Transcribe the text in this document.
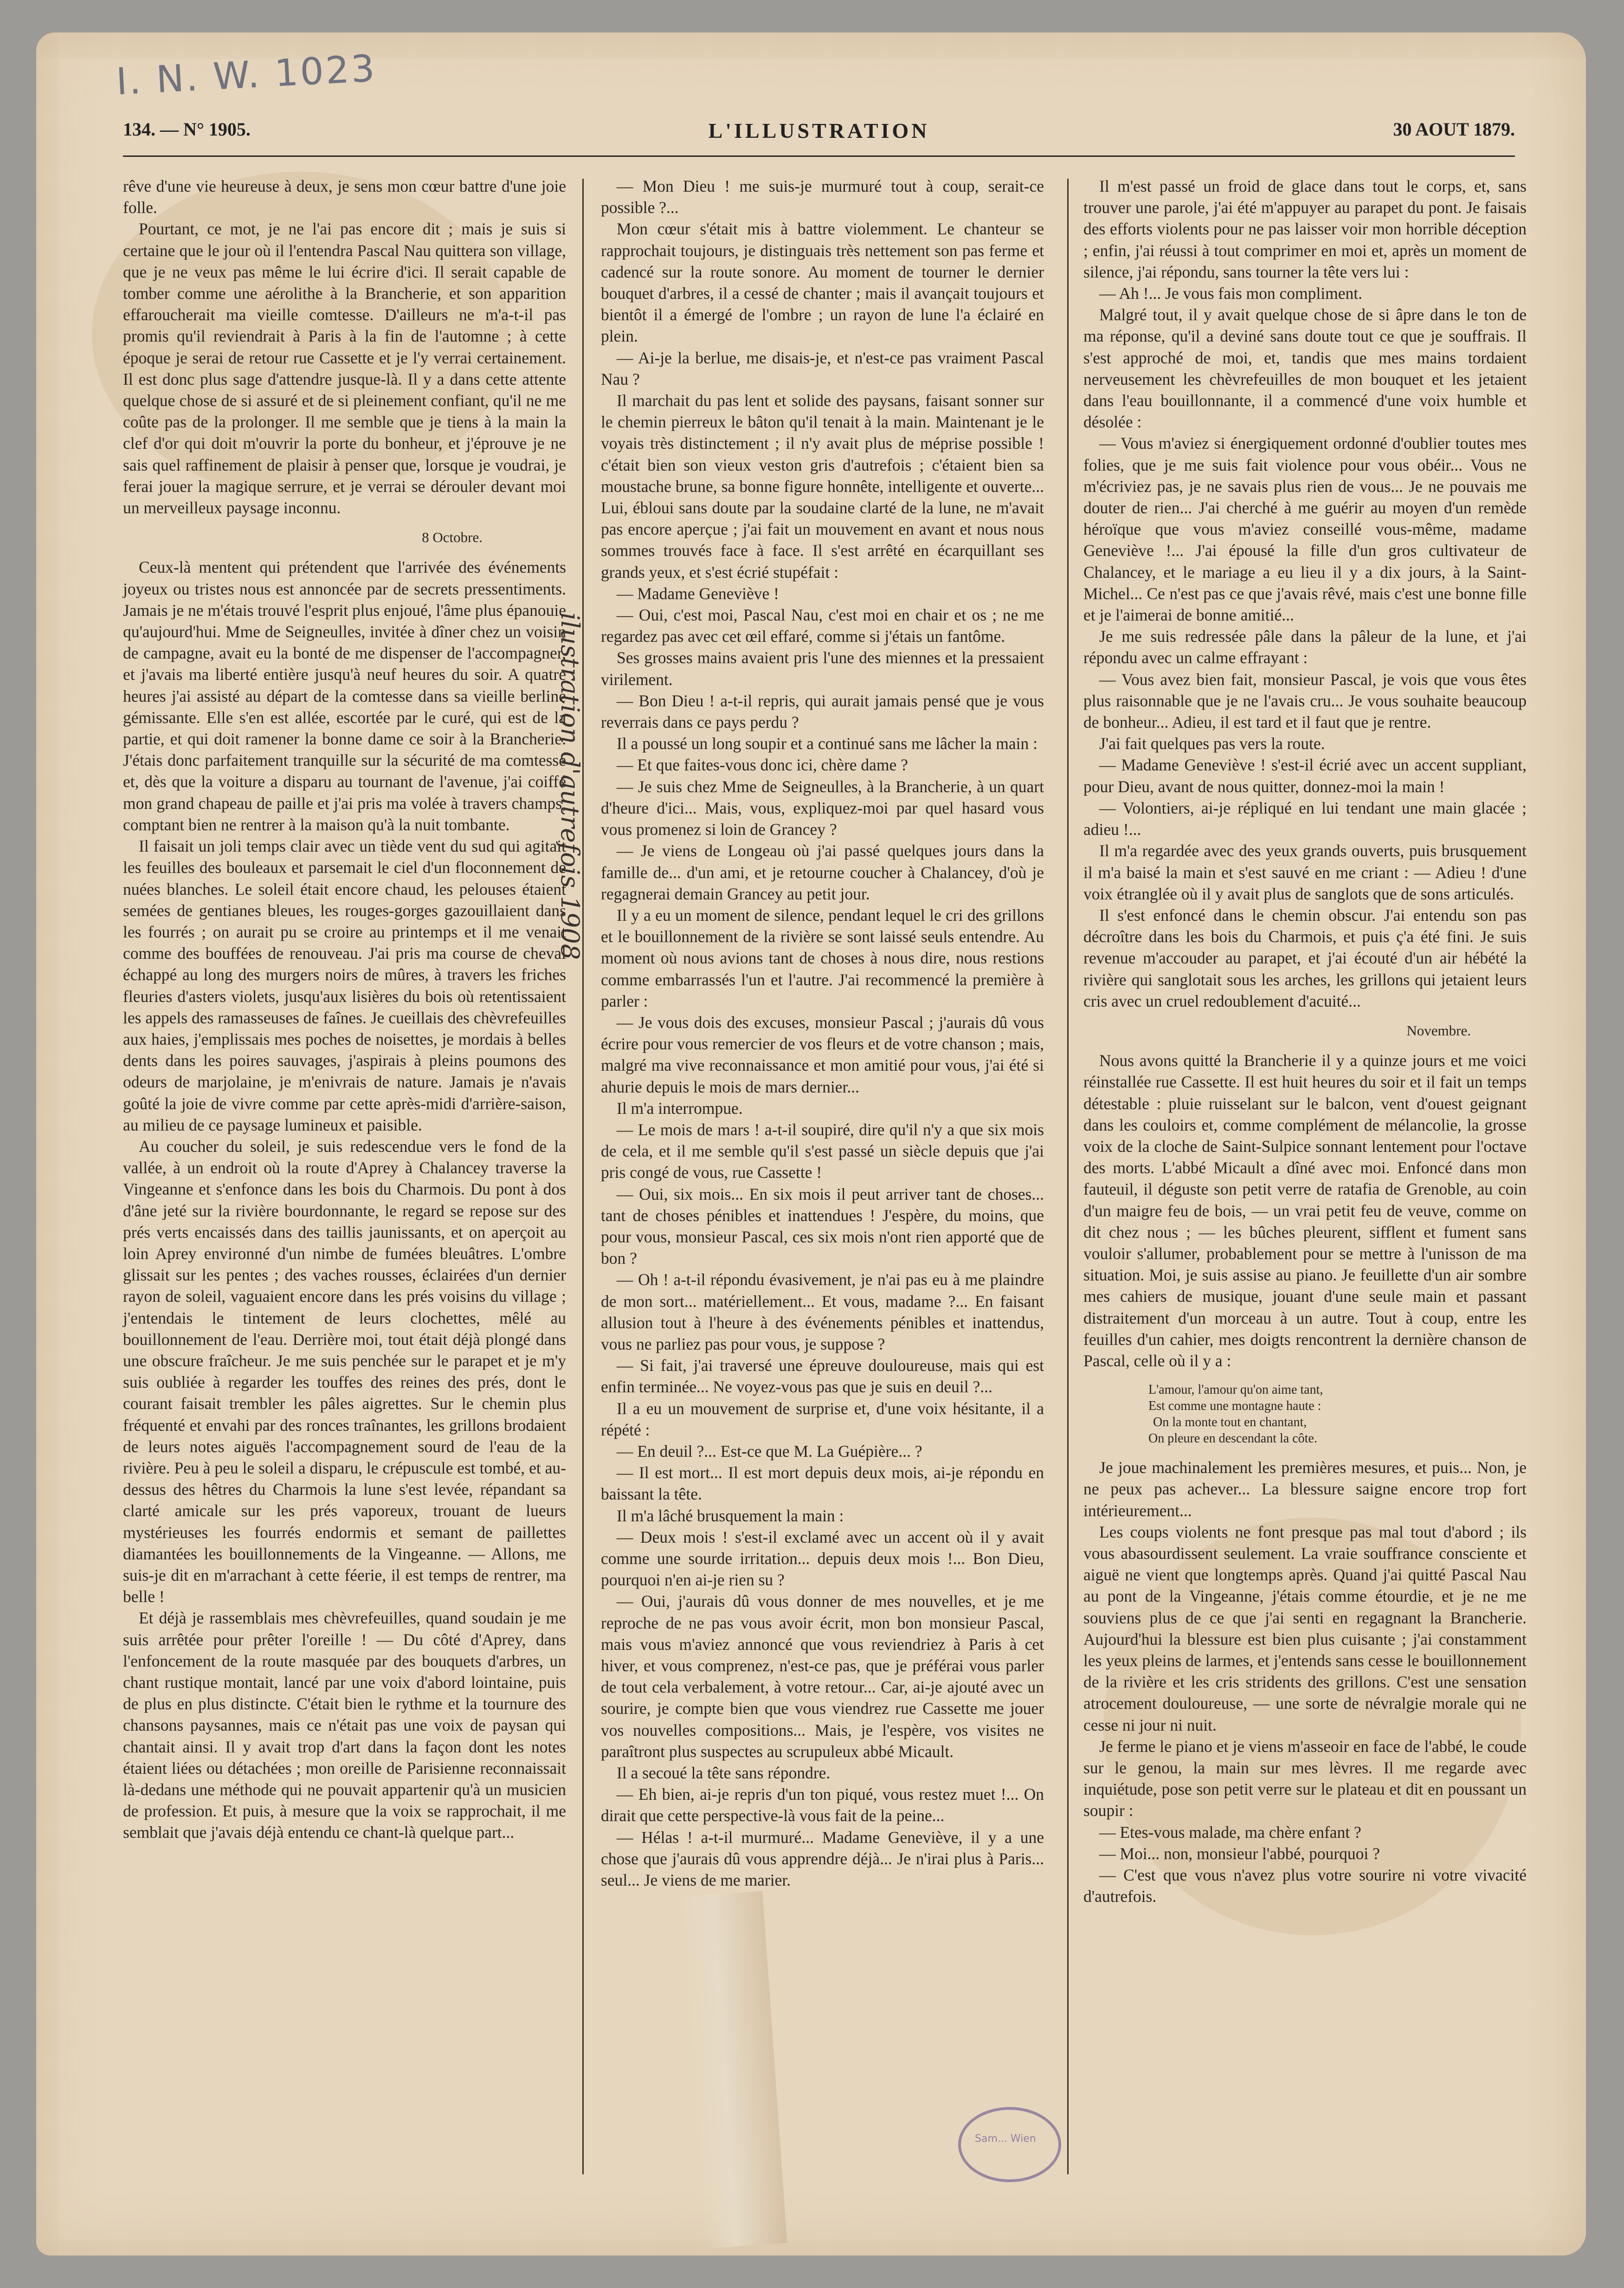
I. N. W. 1023
134. — N° 1905.	L'ILLUSTRATION	30 AOUT 1879.

rêve d'une vie heureuse à deux, je sens mon cœur battre d'une joie folle.

Pourtant, ce mot, je ne l'ai pas encore dit ; mais je suis si certaine que le jour où il l'entendra Pascal Nau quittera son village, que je ne veux pas même le lui écrire d'ici. Il serait capable de tomber comme une aérolithe à la Brancherie, et son apparition effaroucherait ma vieille comtesse. D'ailleurs ne m'a-t-il pas promis qu'il reviendrait à Paris à la fin de l'automne ; à cette époque je serai de retour rue Cassette et je l'y verrai certainement. Il est donc plus sage d'attendre jusque-là. Il y a dans cette attente quelque chose de si assuré et de si pleinement confiant, qu'il ne me coûte pas de la prolonger. Il me semble que je tiens à la main la clef d'or qui doit m'ouvrir la porte du bonheur, et j'éprouve je ne sais quel raffinement de plaisir à penser que, lorsque je voudrai, je ferai jouer la magique serrure, et je verrai se dérouler devant moi un merveilleux paysage inconnu.

8 Octobre.

Ceux-là mentent qui prétendent que l'arrivée des événements joyeux ou tristes nous est annoncée par de secrets pressentiments. Jamais je ne m'étais trouvé l'esprit plus enjoué, l'âme plus épanouie qu'aujourd'hui. Mme de Seigneulles, invitée à dîner chez un voisin de campagne, avait eu la bonté de me dispenser de l'accompagner, et j'avais ma liberté entière jusqu'à neuf heures du soir. A quatre heures j'ai assisté au départ de la comtesse dans sa vieille berline gémissante. Elle s'en est allée, escortée par le curé, qui est de la partie, et qui doit ramener la bonne dame ce soir à la Brancherie. J'étais donc parfaitement tranquille sur la sécurité de ma comtesse et, dès que la voiture a disparu au tournant de l'avenue, j'ai coiffé mon grand chapeau de paille et j'ai pris ma volée à travers champs, comptant bien ne rentrer à la maison qu'à la nuit tombante.

Il faisait un joli temps clair avec un tiède vent du sud qui agitait les feuilles des bouleaux et parsemait le ciel d'un floconnement de nuées blanches. Le soleil était encore chaud, les pelouses étaient semées de gentianes bleues, les rouges-gorges gazouillaient dans les fourrés ; on aurait pu se croire au printemps et il me venait comme des bouffées de renouveau. J'ai pris ma course de cheval échappé au long des murgers noirs de mûres, à travers les friches fleuries d'asters violets, jusqu'aux lisières du bois où retentissaient les appels des ramasseuses de faînes. Je cueillais des chèvrefeuilles aux haies, j'emplissais mes poches de noisettes, je mordais à belles dents dans les poires sauvages, j'aspirais à pleins poumons des odeurs de marjolaine, je m'enivrais de nature. Jamais je n'avais goûté la joie de vivre comme par cette après-midi d'arrière-saison, au milieu de ce paysage lumineux et paisible.

Au coucher du soleil, je suis redescendue vers le fond de la vallée, à un endroit où la route d'Aprey à Chalancey traverse la Vingeanne et s'enfonce dans les bois du Charmois. Du pont à dos d'âne jeté sur la rivière bourdonnante, le regard se repose sur des prés verts encaissés dans des taillis jaunissants, et on aperçoit au loin Aprey environné d'un nimbe de fumées bleuâtres. L'ombre glissait sur les pentes ; des vaches rousses, éclairées d'un dernier rayon de soleil, vaguaient encore dans les prés voisins du village ; j'entendais le tintement de leurs clochettes, mêlé au bouillonnement de l'eau. Derrière moi, tout était déjà plongé dans une obscure fraîcheur. Je me suis penchée sur le parapet et je m'y suis oubliée à regarder les touffes des reines des prés, dont le courant faisait trembler les pâles aigrettes. Sur le chemin plus fréquenté et envahi par des ronces traînantes, les grillons brodaient de leurs notes aiguës l'accompagnement sourd de l'eau de la rivière. Peu à peu le soleil a disparu, le crépuscule est tombé, et au-dessus des hêtres du Charmois la lune s'est levée, répandant sa clarté amicale sur les prés vaporeux, trouant de lueurs mystérieuses les fourrés endormis et semant de paillettes diamantées les bouillonnements de la Vingeanne. — Allons, me suis-je dit en m'arrachant à cette féerie, il est temps de rentrer, ma belle !

Et déjà je rassemblais mes chèvrefeuilles, quand soudain je me suis arrêtée pour prêter l'oreille ! — Du côté d'Aprey, dans l'enfoncement de la route masquée par des bouquets d'arbres, un chant rustique montait, lancé par une voix d'abord lointaine, puis de plus en plus distincte. C'était bien le rythme et la tournure des chansons paysannes, mais ce n'était pas une voix de paysan qui chantait ainsi. Il y avait trop d'art dans la façon dont les notes étaient liées ou détachées ; mon oreille de Parisienne reconnaissait là-dedans une méthode qui ne pouvait appartenir qu'à un musicien de profession. Et puis, à mesure que la voix se rapprochait, il me semblait que j'avais déjà entendu ce chant-là quelque part...

— Mon Dieu ! me suis-je murmuré tout à coup, serait-ce possible ?...

Mon cœur s'était mis à battre violemment. Le chanteur se rapprochait toujours, je distinguais très nettement son pas ferme et cadencé sur la route sonore. Au moment de tourner le dernier bouquet d'arbres, il a cessé de chanter ; mais il avançait toujours et bientôt il a émergé de l'ombre ; un rayon de lune l'a éclairé en plein.

— Ai-je la berlue, me disais-je, et n'est-ce pas vraiment Pascal Nau ?

Il marchait du pas lent et solide des paysans, faisant sonner sur le chemin pierreux le bâton qu'il tenait à la main. Maintenant je le voyais très distinctement ; il n'y avait plus de méprise possible ! c'était bien son vieux veston gris d'autrefois ; c'étaient bien sa moustache brune, sa bonne figure honnête, intelligente et ouverte... Lui, ébloui sans doute par la soudaine clarté de la lune, ne m'avait pas encore aperçue ; j'ai fait un mouvement en avant et nous nous sommes trouvés face à face. Il s'est arrêté en écarquillant ses grands yeux, et s'est écrié stupéfait :

— Madame Geneviève !

— Oui, c'est moi, Pascal Nau, c'est moi en chair et os ; ne me regardez pas avec cet œil effaré, comme si j'étais un fantôme.

Ses grosses mains avaient pris l'une des miennes et la pressaient virilement.

— Bon Dieu ! a-t-il repris, qui aurait jamais pensé que je vous reverrais dans ce pays perdu ?

Il a poussé un long soupir et a continué sans me lâcher la main :

— Et que faites-vous donc ici, chère dame ?

— Je suis chez Mme de Seigneulles, à la Brancherie, à un quart d'heure d'ici... Mais, vous, expliquez-moi par quel hasard vous vous promenez si loin de Grancey ?

— Je viens de Longeau où j'ai passé quelques jours dans la famille de... d'un ami, et je retourne coucher à Chalancey, d'où je regagnerai demain Grancey au petit jour.

Il y a eu un moment de silence, pendant lequel le cri des grillons et le bouillonnement de la rivière se sont laissé seuls entendre. Au moment où nous avions tant de choses à nous dire, nous restions comme embarrassés l'un et l'autre. J'ai recommencé la première à parler :

— Je vous dois des excuses, monsieur Pascal ; j'aurais dû vous écrire pour vous remercier de vos fleurs et de votre chanson ; mais, malgré ma vive reconnaissance et mon amitié pour vous, j'ai été si ahurie depuis le mois de mars dernier...

Il m'a interrompue.

— Le mois de mars ! a-t-il soupiré, dire qu'il n'y a que six mois de cela, et il me semble qu'il s'est passé un siècle depuis que j'ai pris congé de vous, rue Cassette !

— Oui, six mois... En six mois il peut arriver tant de choses... tant de choses pénibles et inattendues ! J'espère, du moins, que pour vous, monsieur Pascal, ces six mois n'ont rien apporté que de bon ?

— Oh ! a-t-il répondu évasivement, je n'ai pas eu à me plaindre de mon sort... matériellement... Et vous, madame ?... En faisant allusion tout à l'heure à des événements pénibles et inattendus, vous ne parliez pas pour vous, je suppose ?

— Si fait, j'ai traversé une épreuve douloureuse, mais qui est enfin terminée... Ne voyez-vous pas que je suis en deuil ?...

Il a eu un mouvement de surprise et, d'une voix hésitante, il a répété :

— En deuil ?... Est-ce que M. La Guépière... ?

— Il est mort... Il est mort depuis deux mois, ai-je répondu en baissant la tête.

Il m'a lâché brusquement la main :

— Deux mois ! s'est-il exclamé avec un accent où il y avait comme une sourde irritation... depuis deux mois !... Bon Dieu, pourquoi n'en ai-je rien su ?

— Oui, j'aurais dû vous donner de mes nouvelles, et je me reproche de ne pas vous avoir écrit, mon bon monsieur Pascal, mais vous m'aviez annoncé que vous reviendriez à Paris à cet hiver, et vous comprenez, n'est-ce pas, que je préférai vous parler de tout cela verbalement, à votre retour... Car, ai-je ajouté avec un sourire, je compte bien que vous viendrez rue Cassette me jouer vos nouvelles compositions... Mais, je l'espère, vos visites ne paraîtront plus suspectes au scrupuleux abbé Micault.

Il a secoué la tête sans répondre.

— Eh bien, ai-je repris d'un ton piqué, vous restez muet !... On dirait que cette perspective-là vous fait de la peine...

— Hélas ! a-t-il murmuré... Madame Geneviève, il y a une chose que j'aurais dû vous apprendre déjà... Je n'irai plus à Paris... seul... Je viens de me marier.

Il m'est passé un froid de glace dans tout le corps, et, sans trouver une parole, j'ai été m'appuyer au parapet du pont. Je faisais des efforts violents pour ne pas laisser voir mon horrible déception ; enfin, j'ai réussi à tout comprimer en moi et, après un moment de silence, j'ai répondu, sans tourner la tête vers lui :

— Ah !... Je vous fais mon compliment.

Malgré tout, il y avait quelque chose de si âpre dans le ton de ma réponse, qu'il a deviné sans doute tout ce que je souffrais. Il s'est approché de moi, et, tandis que mes mains tordaient nerveusement les chèvrefeuilles de mon bouquet et les jetaient dans l'eau bouillonnante, il a commencé d'une voix humble et désolée :

— Vous m'aviez si énergiquement ordonné d'oublier toutes mes folies, que je me suis fait violence pour vous obéir... Vous ne m'écriviez pas, je ne savais plus rien de vous... Je ne pouvais me douter de rien... J'ai cherché à me guérir au moyen d'un remède héroïque que vous m'aviez conseillé vous-même, madame Geneviève !... J'ai épousé la fille d'un gros cultivateur de Chalancey, et le mariage a eu lieu il y a dix jours, à la Saint-Michel... Ce n'est pas ce que j'avais rêvé, mais c'est une bonne fille et je l'aimerai de bonne amitié...

Je me suis redressée pâle dans la pâleur de la lune, et j'ai répondu avec un calme effrayant :

— Vous avez bien fait, monsieur Pascal, je vois que vous êtes plus raisonnable que je ne l'avais cru... Je vous souhaite beaucoup de bonheur... Adieu, il est tard et il faut que je rentre.

J'ai fait quelques pas vers la route.

— Madame Geneviève ! s'est-il écrié avec un accent suppliant, pour Dieu, avant de nous quitter, donnez-moi la main !

— Volontiers, ai-je répliqué en lui tendant une main glacée ; adieu !...

Il m'a regardée avec des yeux grands ouverts, puis brusquement il m'a baisé la main et s'est sauvé en me criant : — Adieu ! d'une voix étranglée où il y avait plus de sanglots que de sons articulés.

Il s'est enfoncé dans le chemin obscur. J'ai entendu son pas décroître dans les bois du Charmois, et puis ç'a été fini. Je suis revenue m'accouder au parapet, et j'ai écouté d'un air hébété la rivière qui sanglotait sous les arches, les grillons qui jetaient leurs cris avec un cruel redoublement d'acuité...

Novembre.

Nous avons quitté la Brancherie il y a quinze jours et me voici réinstallée rue Cassette. Il est huit heures du soir et il fait un temps détestable : pluie ruisselant sur le balcon, vent d'ouest geignant dans les couloirs et, comme complément de mélancolie, la grosse voix de la cloche de Saint-Sulpice sonnant lentement pour l'octave des morts. L'abbé Micault a dîné avec moi. Enfoncé dans mon fauteuil, il déguste son petit verre de ratafia de Grenoble, au coin d'un maigre feu de bois, — un vrai petit feu de veuve, comme on dit chez nous ; — les bûches pleurent, sifflent et fument sans vouloir s'allumer, probablement pour se mettre à l'unisson de ma situation. Moi, je suis assise au piano. Je feuillette d'un air sombre mes cahiers de musique, jouant d'une seule main et passant distraitement d'un morceau à un autre. Tout à coup, entre les feuilles d'un cahier, mes doigts rencontrent la dernière chanson de Pascal, celle où il y a :

L'amour, l'amour qu'on aime tant,
Est comme une montagne haute :
On la monte tout en chantant,
On pleure en descendant la côte.

Je joue machinalement les premières mesures, et puis... Non, je ne peux pas achever... La blessure saigne encore trop fort intérieurement...

Les coups violents ne font presque pas mal tout d'abord ; ils vous abasourdissent seulement. La vraie souffrance consciente et aiguë ne vient que longtemps après. Quand j'ai quitté Pascal Nau au pont de la Vingeanne, j'étais comme étourdie, et je ne me souviens plus de ce que j'ai senti en regagnant la Brancherie. Aujourd'hui la blessure est bien plus cuisante ; j'ai constamment les yeux pleins de larmes, et j'entends sans cesse le bouillonnement de la rivière et les cris stridents des grillons. C'est une sensation atrocement douloureuse, — une sorte de névralgie morale qui ne cesse ni jour ni nuit.

Je ferme le piano et je viens m'asseoir en face de l'abbé, le coude sur le genou, la main sur mes lèvres. Il me regarde avec inquiétude, pose son petit verre sur le plateau et dit en poussant un soupir :

— Etes-vous malade, ma chère enfant ?

— Moi... non, monsieur l'abbé, pourquoi ?

— C'est que vous n'avez plus votre sourire ni votre vivacité d'autrefois.

ilustration d'autrefois 1908
Sam... Wien
